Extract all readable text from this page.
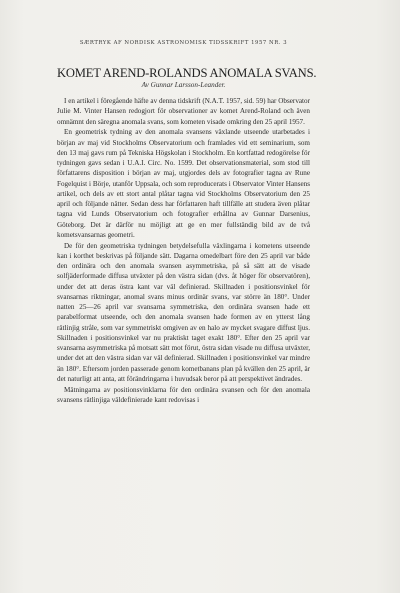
SÆRTRYK AF NORDISK ASTRONOMISK TIDSSKRIFT 1957 NR. 3

KOMET AREND-ROLANDS ANOMALA SVANS.

Av Gunnar Larsson-Leander.

I en artikel i föregående häfte av denna tidskrift (N.A.T. 1957, sid. 59) har Observator Julie M. Vinter Hansen redogjort för observationer av komet Arend-Roland och även omnämnt den säregna anomala svans, som kometen visade omkring den 25 april 1957.

En geometrisk tydning av den anomala svansens växlande utseende utarbetades i början av maj vid Stockholms Observatorium och framlades vid ett seminarium, som den 13 maj gavs rum på Tekniska Högskolan i Stockholm. En kortfattad redogörelse för tydningen gavs sedan i U.A.I. Circ. No. 1599. Det observationsmaterial, som stod till författarens disposition i början av maj, utgjordes dels av fotografier tagna av Rune Fogelquist i Börje, utanför Uppsala, och som reproducerats i Observator Vinter Hansens artikel, och dels av ett stort antal plåtar tagna vid Stockholms Observatorium den 25 april och följande nätter. Sedan dess har författaren haft tillfälle att studera även plåtar tagna vid Lunds Observatorium och fotografier erhållna av Gunnar Darsenius, Göteborg. Det är därför nu möjligt att ge en mer fullständig bild av de två kometsvansarnas geometri.

De för den geometriska tydningen betydelsefulla växlingarna i kometens utseende kan i korthet beskrivas på följande sätt. Dagarna omedelbart före den 25 april var både den ordinära och den anomala svansen asymmetriska, på så sätt att de visade solfjäderformade diffusa utväxter på den västra sidan (dvs. åt höger för observatören), under det att deras östra kant var väl definierad. Skillnaden i positionsvinkel för svansarnas riktningar, anomal svans minus ordinär svans, var större än 180°. Under natten 25—26 april var svansarna symmetriska, den ordinära svansen hade ett parabelformat utseende, och den anomala svansen hade formen av en ytterst lång rätlinjig stråle, som var symmetriskt omgiven av en halo av mycket svagare diffust ljus. Skillnaden i positionsvinkel var nu praktiskt taget exakt 180°. Efter den 25 april var svansarna asymmetriska på motsatt sätt mot förut, östra sidan visade nu diffusa utväxter, under det att den västra sidan var väl definierad. Skillnaden i positionsvinkel var mindre än 180°. Eftersom jorden passerade genom kometbanans plan på kvällen den 25 april, är det naturligt att anta, att förändringarna i huvudsak beror på att perspektivet ändrades.

Mätningarna av positionsvinklarna för den ordinära svansen och för den anomala svansens rätlinjiga väldefinierade kant redovisas i
